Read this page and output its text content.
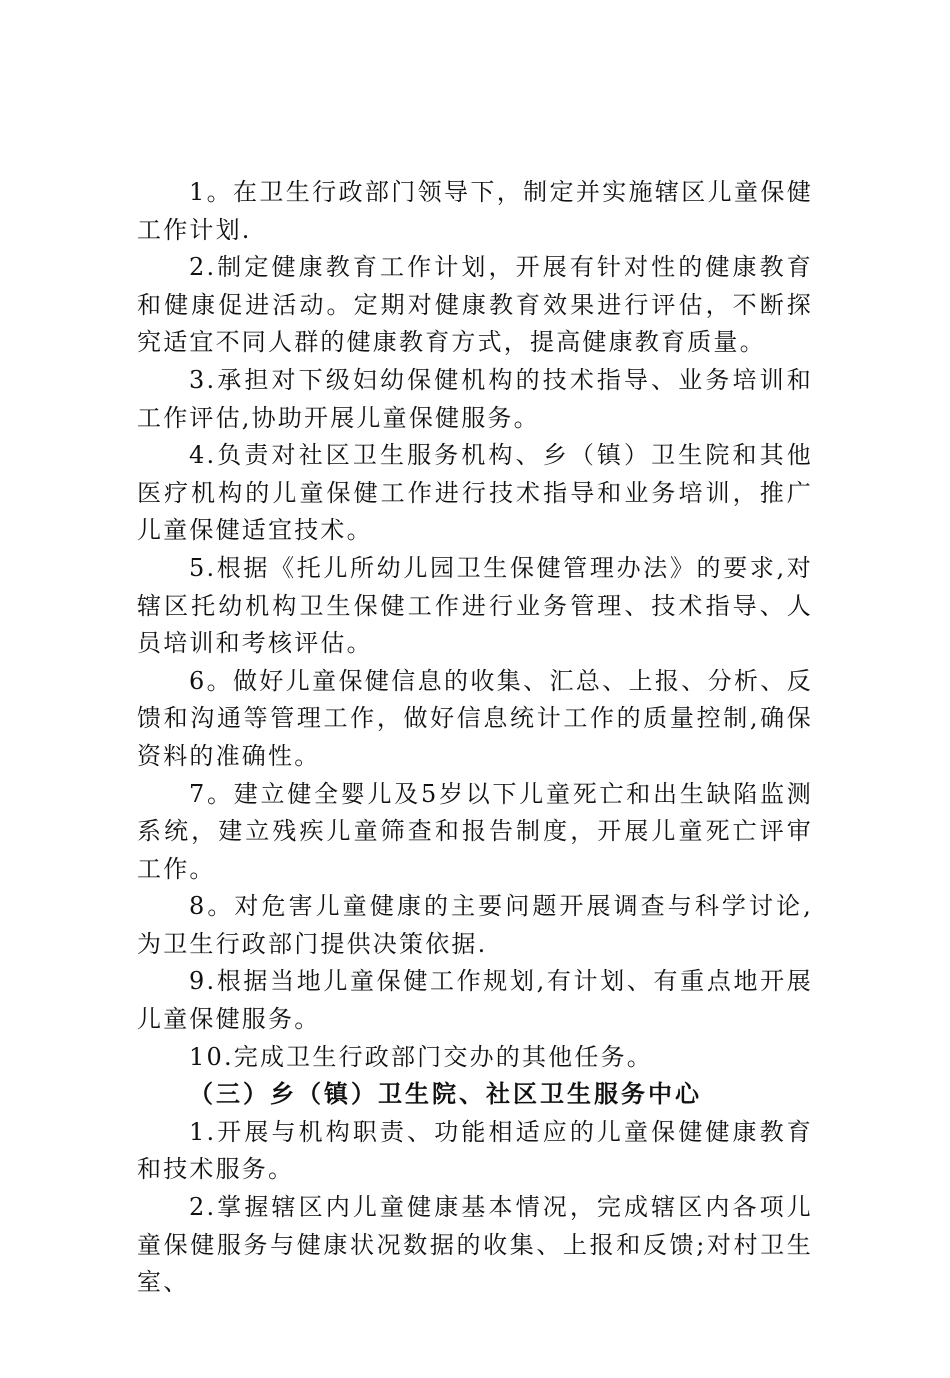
1。在卫生行政部门领导下，制定并实施辖区儿童保健工作计划.

2.制定健康教育工作计划，开展有针对性的健康教育和健康促进活动。定期对健康教育效果进行评估，不断探究适宜不同人群的健康教育方式，提高健康教育质量。

3.承担对下级妇幼保健机构的技术指导、业务培训和工作评估,协助开展儿童保健服务。

4.负责对社区卫生服务机构、乡（镇）卫生院和其他医疗机构的儿童保健工作进行技术指导和业务培训，推广儿童保健适宜技术。

5.根据《托儿所幼儿园卫生保健管理办法》的要求,对辖区托幼机构卫生保健工作进行业务管理、技术指导、人员培训和考核评估。

6。做好儿童保健信息的收集、汇总、上报、分析、反馈和沟通等管理工作，做好信息统计工作的质量控制,确保资料的准确性。

7。建立健全婴儿及5岁以下儿童死亡和出生缺陷监测系统，建立残疾儿童筛查和报告制度，开展儿童死亡评审工作。

8。对危害儿童健康的主要问题开展调查与科学讨论,为卫生行政部门提供决策依据.

9.根据当地儿童保健工作规划,有计划、有重点地开展儿童保健服务。

10.完成卫生行政部门交办的其他任务。

（三）乡（镇）卫生院、社区卫生服务中心

1.开展与机构职责、功能相适应的儿童保健健康教育和技术服务。

2.掌握辖区内儿童健康基本情况，完成辖区内各项儿童保健服务与健康状况数据的收集、上报和反馈;对村卫生室、
